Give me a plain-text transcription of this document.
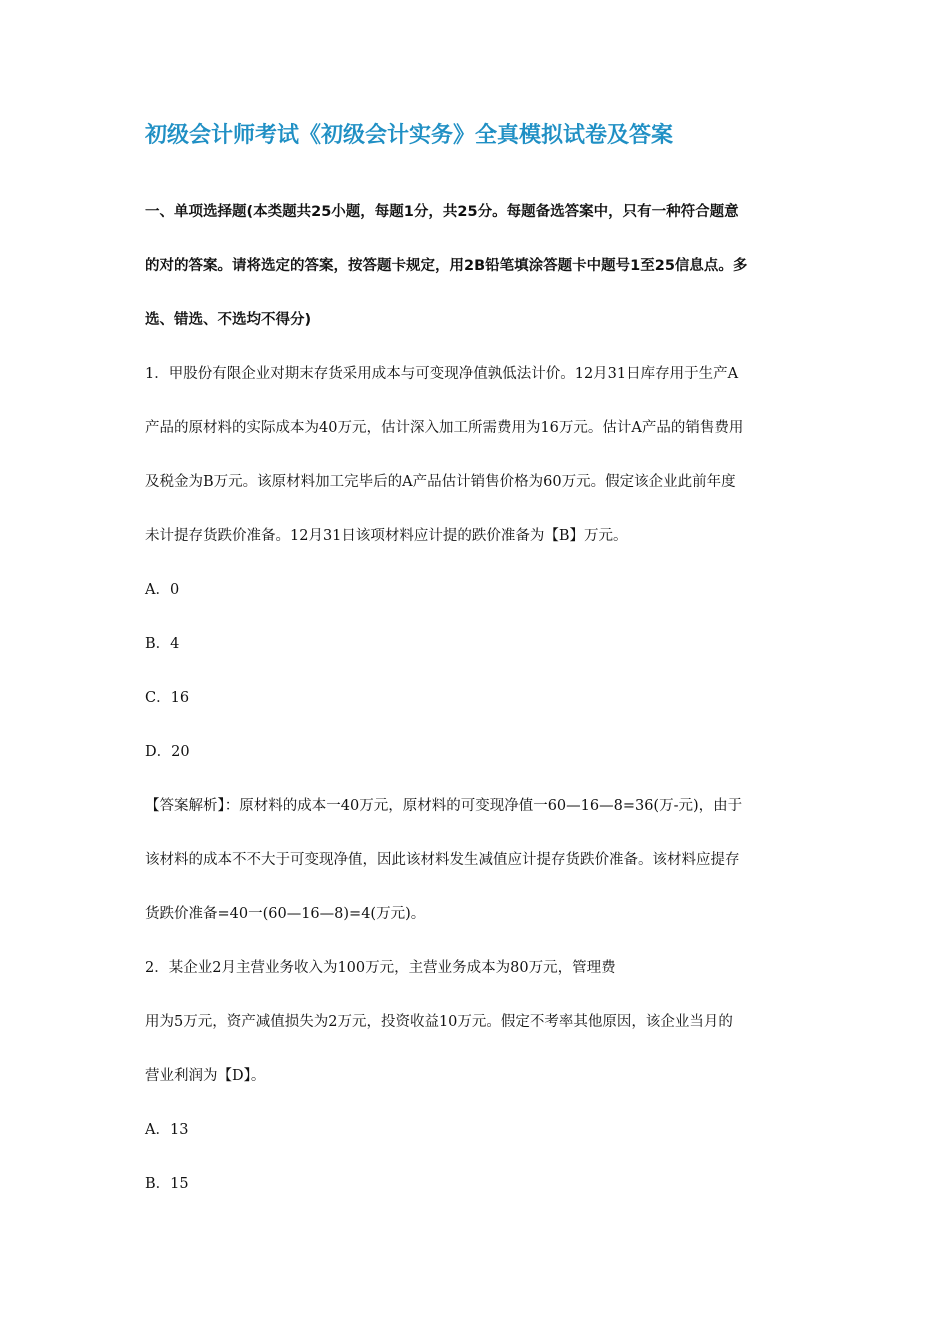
初级会计师考试《初级会计实务》全真模拟试卷及答案
一、单项选择题(本类题共25小题，每题1分，共25分。每题备选答案中，只有一种符合题意
的对的答案。请将选定的答案，按答题卡规定，用2B铅笔填涂答题卡中题号1至25信息点。多
选、错选、不选均不得分)
1．甲股份有限企业对期末存货采用成本与可变现净值孰低法计价。12月31日库存用于生产A
产品的原材料的实际成本为40万元，估计深入加工所需费用为16万元。估计A产品的销售费用
及税金为B万元。该原材料加工完毕后的A产品估计销售价格为60万元。假定该企业此前年度
未计提存货跌价准备。12月31日该项材料应计提的跌价准备为【B】万元。
A．0
B．4
C．16
D．20
【答案解析】：原材料的成本一40万元，原材料的可变现净值一60—16—8=36(万-元)，由于
该材料的成本不不大于可变现净值，因此该材料发生减值应计提存货跌价准备。该材料应提存
货跌价准备=40一(60—16—8)=4(万元)。
2．某企业2月主营业务收入为100万元，主营业务成本为80万元，管理费
用为5万元，资产减值损失为2万元，投资收益10万元。假定不考率其他原因，该企业当月的
营业利润为【D】。
A．13
B．15
